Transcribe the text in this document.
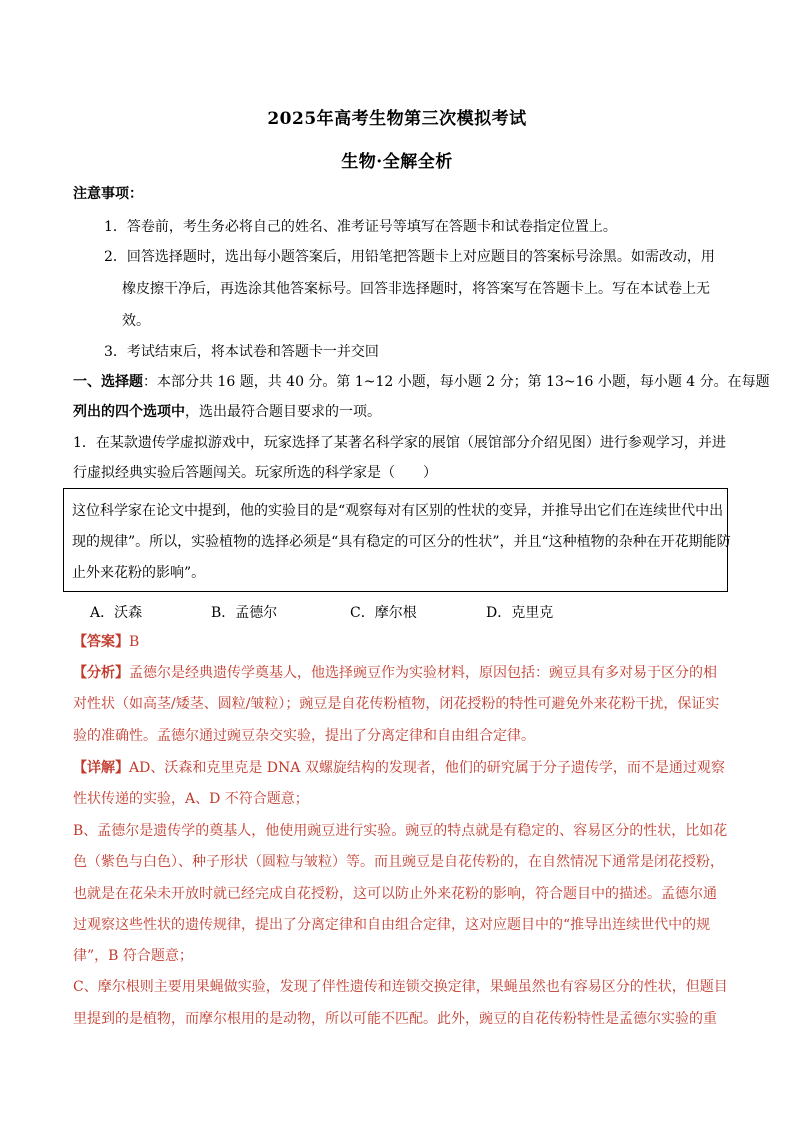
2025年高考生物第三次模拟考试
生物·全解全析
注意事项：
1．答卷前，考生务必将自己的姓名、准考证号等填写在答题卡和试卷指定位置上。
2．回答选择题时，选出每小题答案后，用铅笔把答题卡上对应题目的答案标号涂黑。如需改动，用
橡皮擦干净后，再选涂其他答案标号。回答非选择题时，将答案写在答题卡上。写在本试卷上无
效。
3．考试结束后，将本试卷和答题卡一并交回
一、选择题：本部分共 16 题，共 40 分。第 1~12 小题，每小题 2 分；第 13~16 小题，每小题 4 分。在每题
列出的四个选项中，选出最符合题目要求的一项。
1．在某款遗传学虚拟游戏中，玩家选择了某著名科学家的展馆（展馆部分介绍见图）进行参观学习，并进
行虚拟经典实验后答题闯关。玩家所选的科学家是（　　）
这位科学家在论文中提到，他的实验目的是“观察每对有区别的性状的变异，并推导出它们在连续世代中出
现的规律”。所以，实验植物的选择必须是“具有稳定的可区分的性状”，并且“这种植物的杂种在开花期能防
止外来花粉的影响”。
A．沃森	B．孟德尔	C．摩尔根	D．克里克
【答案】B
【分析】孟德尔是经典遗传学奠基人，他选择豌豆作为实验材料，原因包括：豌豆具有多对易于区分的相
对性状（如高茎/矮茎、圆粒/皱粒）；豌豆是自花传粉植物，闭花授粉的特性可避免外来花粉干扰，保证实
验的准确性。孟德尔通过豌豆杂交实验，提出了分离定律和自由组合定律。
【详解】AD、沃森和克里克是 DNA 双螺旋结构的发现者，他们的研究属于分子遗传学，而不是通过观察
性状传递的实验，A、D 不符合题意；
B、孟德尔是遗传学的奠基人，他使用豌豆进行实验。豌豆的特点就是有稳定的、容易区分的性状，比如花
色（紫色与白色）、种子形状（圆粒与皱粒）等。而且豌豆是自花传粉的，在自然情况下通常是闭花授粉，
也就是在花朵未开放时就已经完成自花授粉，这可以防止外来花粉的影响，符合题目中的描述。孟德尔通
过观察这些性状的遗传规律，提出了分离定律和自由组合定律，这对应题目中的“推导出连续世代中的规
律”，B 符合题意；
C、摩尔根则主要用果蝇做实验，发现了伴性遗传和连锁交换定律，果蝇虽然也有容易区分的性状，但题目
里提到的是植物，而摩尔根用的是动物，所以可能不匹配。此外，豌豆的自花传粉特性是孟德尔实验的重
